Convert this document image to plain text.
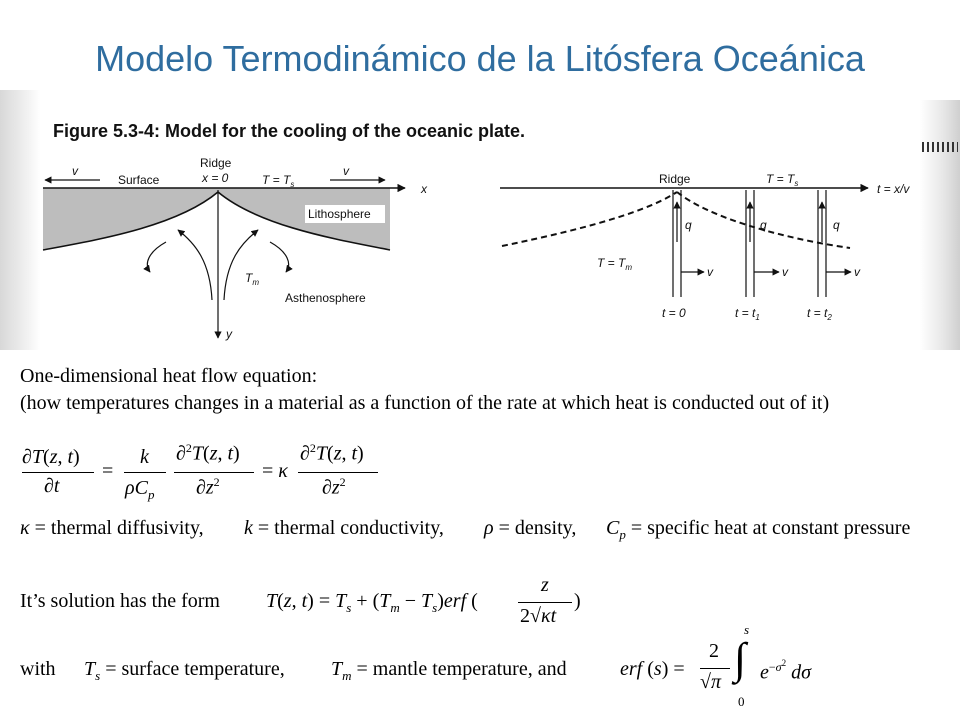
Modelo Termodinámico de la Litósfera Oceánica
Figure 5.3-4: Model for the cooling of the oceanic plate.
v
Surface
Ridge
x = 0	$T = T_s$
v
x
Lithosphere
$T_m$
Asthenosphere
y
Ridge	$T = T_s$	t = x/v
q	q	q
$T = T_m$	v	v	v
t = 0	$t = t_1$	$t = t_2$
One-dimensional heat flow equation:
(how temperatures changes in a material as a function of the rate at which heat is conducted out of it)
∂T(z, t)
∂t
=
k
$\rho C_p$
∂$^2$T(z, t)
$\partial z^2 = \kappa$
∂$^2$T(z, t)
$\partial z^2$
κ = thermal diffusivity, k = thermal conductivity, ρ = density, $C_p$ = specific heat at constant pressure
It’s solution has the form T(z, $t) = T_s + (T_m - T_s)erf$ (
z
2√κt
)
with $T_s$ = surface temperature, $T_m$ = mantle temperature, and	erf (s) =
2
√π
s
∫
0
$e^{-\sigma^2}$ dσ
